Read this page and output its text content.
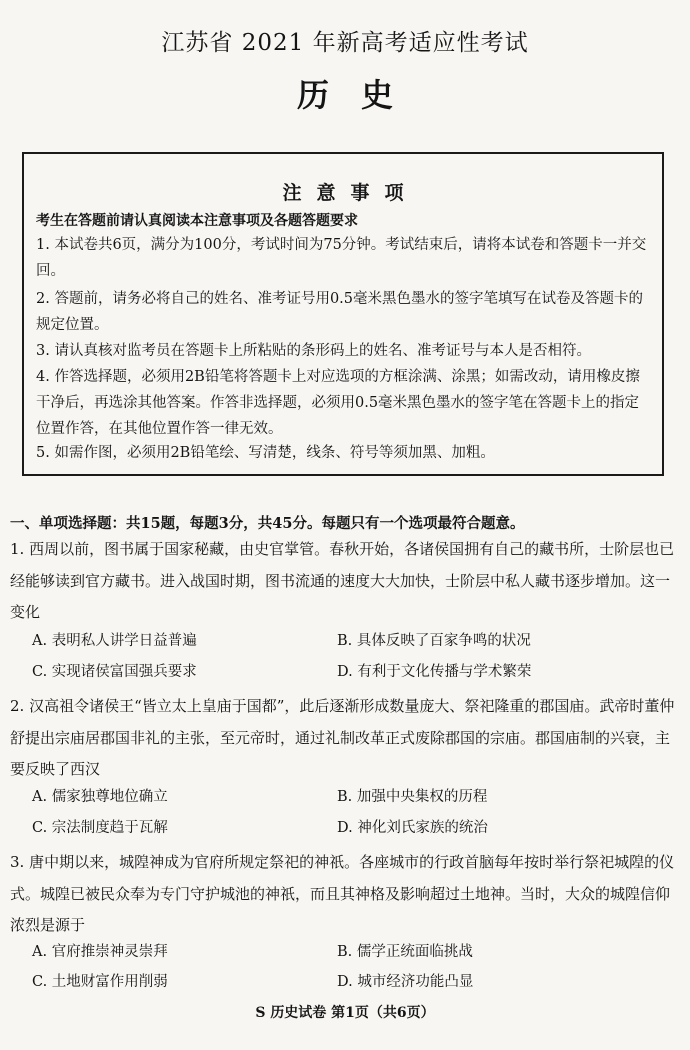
江苏省 2021 年新高考适应性考试
历史
注意事项
考生在答题前请认真阅读本注意事项及各题答题要求
1. 本试卷共6页，满分为100分，考试时间为75分钟。考试结束后，请将本试卷和答题卡一并交回。
2. 答题前，请务必将自己的姓名、准考证号用0.5毫米黑色墨水的签字笔填写在试卷及答题卡的规定位置。
3. 请认真核对监考员在答题卡上所粘贴的条形码上的姓名、准考证号与本人是否相符。
4. 作答选择题，必须用2B铅笔将答题卡上对应选项的方框涂满、涂黑；如需改动，请用橡皮擦干净后，再选涂其他答案。作答非选择题，必须用0.5毫米黑色墨水的签字笔在答题卡上的指定位置作答，在其他位置作答一律无效。
5. 如需作图，必须用2B铅笔绘、写清楚，线条、符号等须加黑、加粗。
一、单项选择题：共15题，每题3分，共45分。每题只有一个选项最符合题意。
1. 西周以前，图书属于国家秘藏，由史官掌管。春秋开始，各诸侯国拥有自己的藏书所，士阶层也已经能够读到官方藏书。进入战国时期，图书流通的速度大大加快，士阶层中私人藏书逐步增加。这一变化
A. 表明私人讲学日益普遍	B. 具体反映了百家争鸣的状况
C. 实现诸侯富国强兵要求	D. 有利于文化传播与学术繁荣
2. 汉高祖令诸侯王“皆立太上皇庙于国都”，此后逐渐形成数量庞大、祭祀隆重的郡国庙。武帝时董仲舒提出宗庙居郡国非礼的主张，至元帝时，通过礼制改革正式废除郡国的宗庙。郡国庙制的兴衰，主要反映了西汉
A. 儒家独尊地位确立	B. 加强中央集权的历程
C. 宗法制度趋于瓦解	D. 神化刘氏家族的统治
3. 唐中期以来，城隍神成为官府所规定祭祀的神祇。各座城市的行政首脑每年按时举行祭祀城隍的仪式。城隍已被民众奉为专门守护城池的神祇，而且其神格及影响超过土地神。当时，大众的城隍信仰浓烈是源于
A. 官府推崇神灵崇拜	B. 儒学正统面临挑战
C. 土地财富作用削弱	D. 城市经济功能凸显
S 历史试卷 第1页（共6页）
